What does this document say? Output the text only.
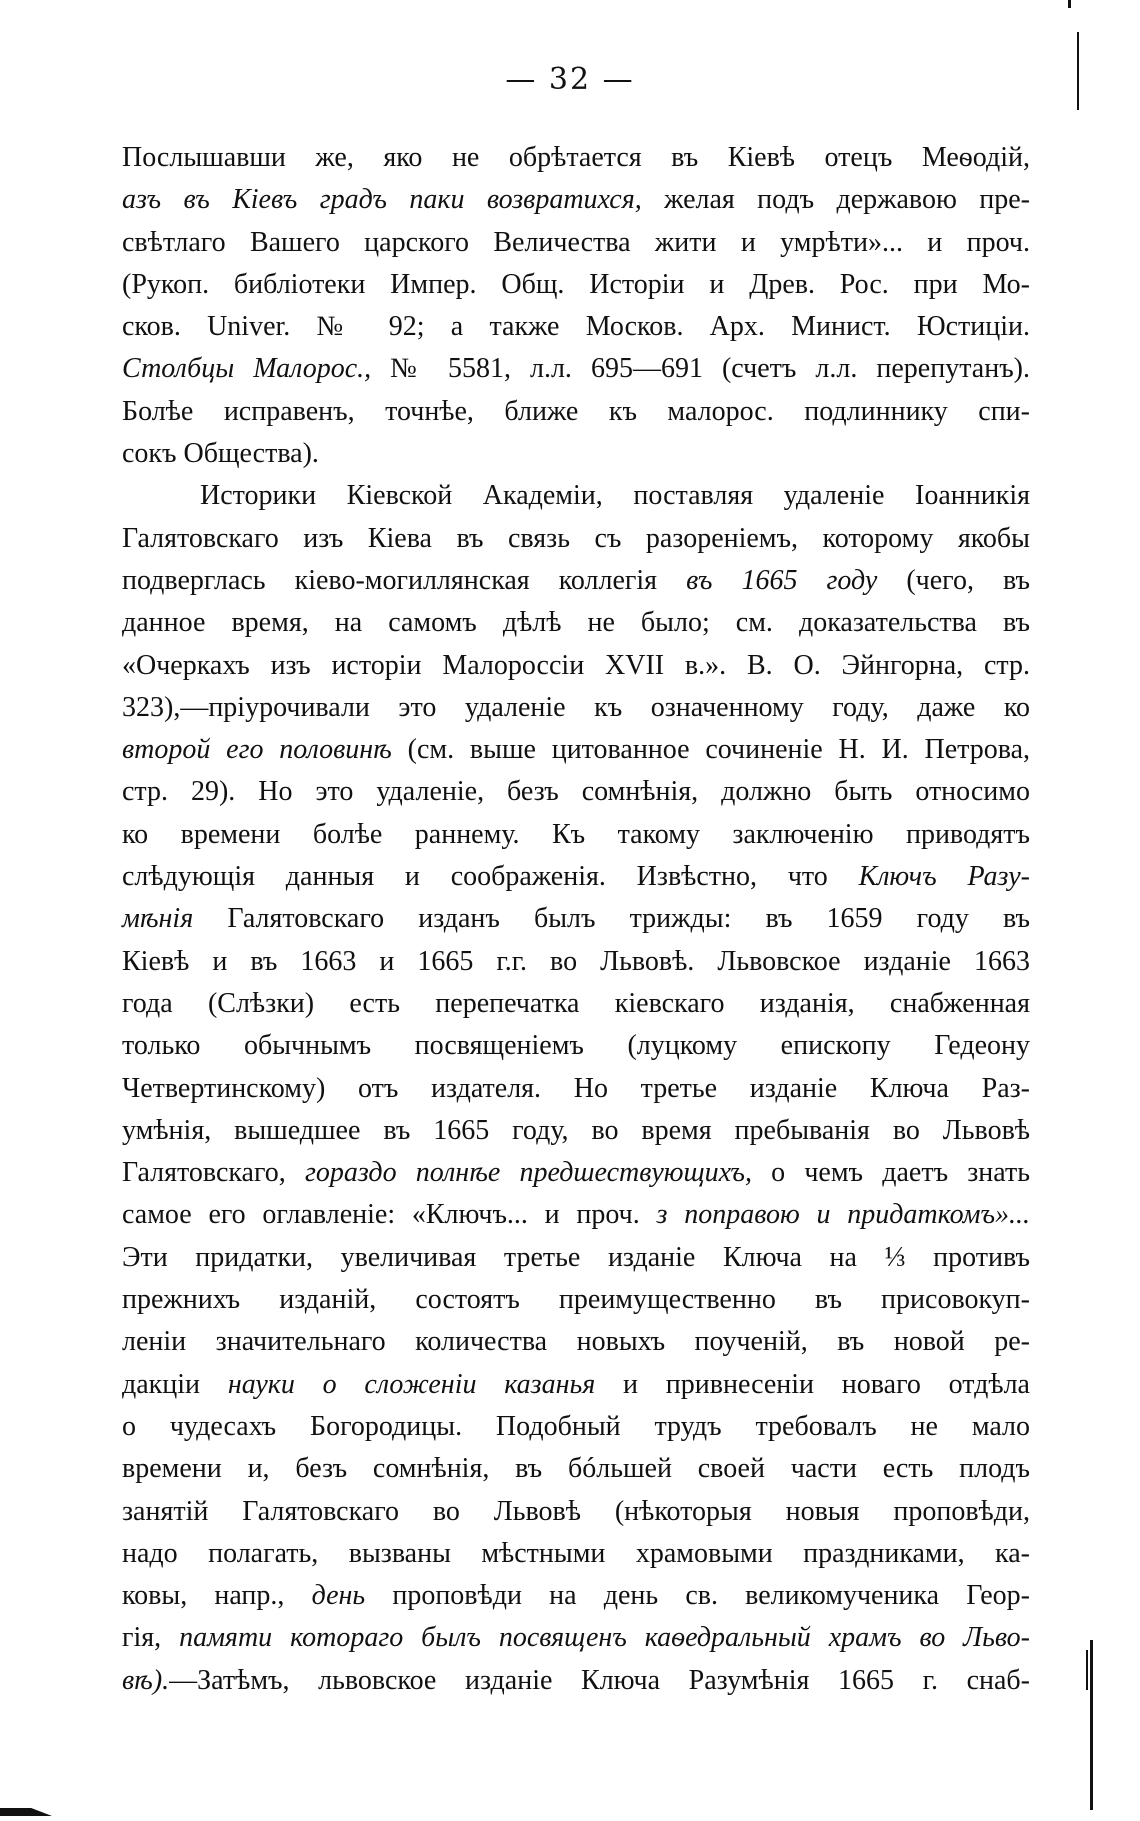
— 32 —
Послышавши же, яко не обрѣтается въ Кіевѣ отецъ Меѳодій,
азъ въ Кіевъ градъ паки возвратихся, желая подъ державою пре-
свѣтлаго Вашего царского Величества жити и умрѣти»... и проч.
(Рукоп. библіотеки Импер. Общ. Исторіи и Древ. Рос. при Мо-
сков. Univer. № 92; а также Москов. Арх. Минист. Юстиціи.
Столбцы Малорос., № 5581, л.л. 695—691 (счетъ л.л. перепутанъ).
Болѣе исправенъ, точнѣе, ближе къ малорос. подлиннику спи-
сокъ Общества).
Историки Кіевской Академіи, поставляя удаленіе Іоанникія
Галятовскаго изъ Кіева въ связь съ разореніемъ, которому якобы
подверглась кіево-могиллянская коллегія въ 1665 году (чего, въ
данное время, на самомъ дѣлѣ не было; см. доказательства въ
«Очеркахъ изъ исторіи Малороссіи XVII в.». В. О. Эйнгорна, стр.
323),—пріурочивали это удаленіе къ означенному году, даже ко
второй его половинѣ (см. выше цитованное сочиненіе Н. И. Петрова,
стр. 29). Но это удаленіе, безъ сомнѣнія, должно быть относимо
ко времени болѣе раннему. Къ такому заключенію приводятъ
слѣдующія данныя и соображенія. Извѣстно, что Ключъ Разу-
мѣнія Галятовскаго изданъ былъ трижды: въ 1659 году въ
Кіевѣ и въ 1663 и 1665 г.г. во Львовѣ. Львовское изданіе 1663
года (Слѣзки) есть перепечатка кіевскаго изданія, снабженная
только обычнымъ посвященіемъ (луцкому епископу Гедеону
Четвертинскому) отъ издателя. Но третье изданіе Ключа Раз-
умѣнія, вышедшее въ 1665 году, во время пребыванія во Львовѣ
Галятовскаго, гораздо полнѣе предшествующихъ, о чемъ даетъ знать
самое его оглавленіе: «Ключъ... и проч. з поправою и придаткомъ»...
Эти придатки, увеличивая третье изданіе Ключа на ⅓ противъ
прежнихъ изданій, состоятъ преимущественно въ присовокуп-
леніи значительнаго количества новыхъ поученій, въ новой ре-
дакціи науки о сложеніи казанья и привнесеніи новаго отдѣла
о чудесахъ Богородицы. Подобный трудъ требовалъ не мало
времени и, безъ сомнѣнія, въ бóльшей своей части есть плодъ
занятій Галятовскаго во Львовѣ (нѣкоторыя новыя проповѣди,
надо полагать, вызваны мѣстными храмовыми праздниками, ка-
ковы, напр., день проповѣди на день св. великомученика Геор-
гія, памяти котораго былъ посвященъ каѳедральный храмъ во Льво-
вѣ).—Затѣмъ, львовское изданіе Ключа Разумѣнія 1665 г. снаб-
